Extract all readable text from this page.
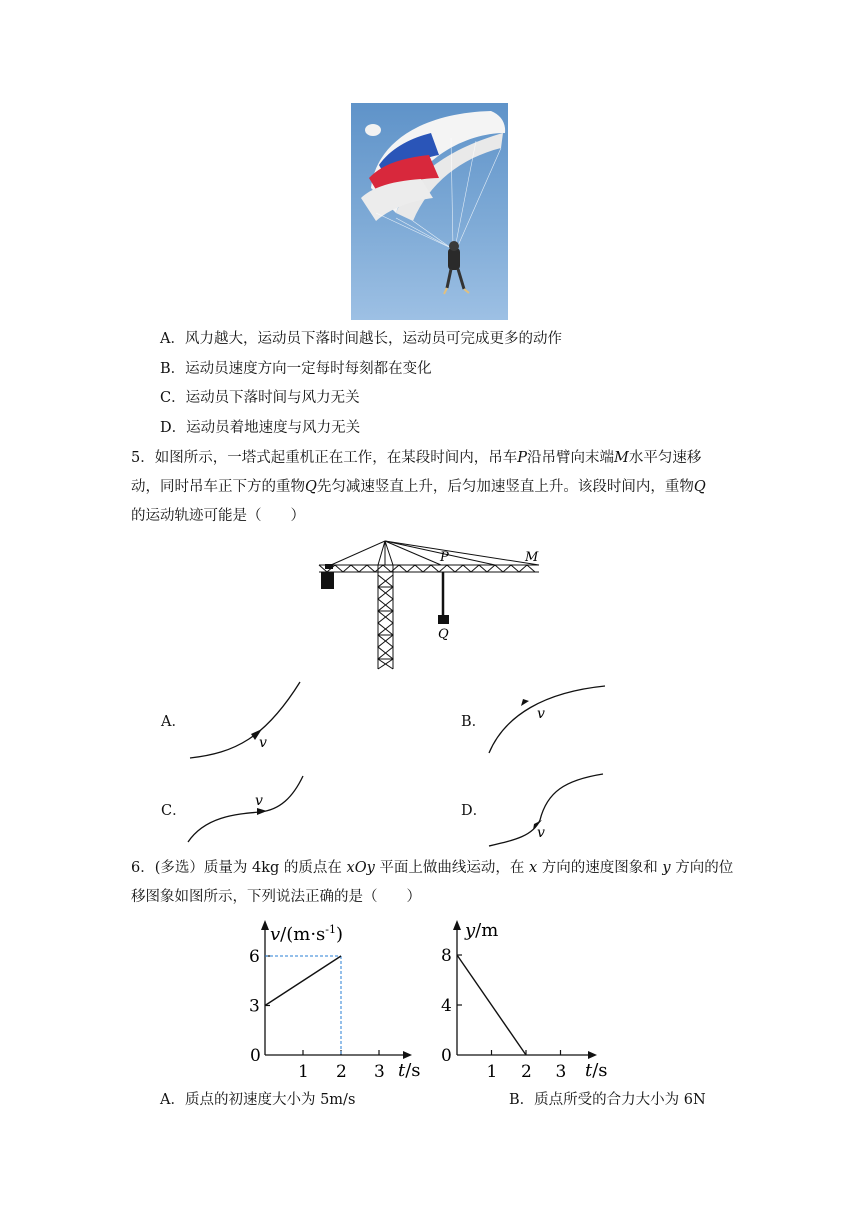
A．风力越大，运动员下落时间越长，运动员可完成更多的动作
B．运动员速度方向一定每时每刻都在变化
C．运动员下落时间与风力无关
D．运动员着地速度与风力无关
5．如图所示，一塔式起重机正在工作，在某段时间内，吊车P沿吊臂向末端M水平匀速移
动，同时吊车正下方的重物Q先匀减速竖直上升，后匀加速竖直上升。该段时间内，重物Q
的运动轨迹可能是（　　）
P	M
Q
A．
v
B．	v
C．
v
D．
v
6．(多选）质量为 4kg 的质点在 xOy 平面上做曲线运动，在 x 方向的速度图象和 y 方向的位
移图象如图所示，下列说法正确的是（　　）
$v/(m\cdot s^{-1})$
t/s
0
1 2 3
3
6
y/m
t/s
0
1 2 3
4
8
A．质点的初速度大小为 5m/s	B．质点所受的合力大小为 6N
